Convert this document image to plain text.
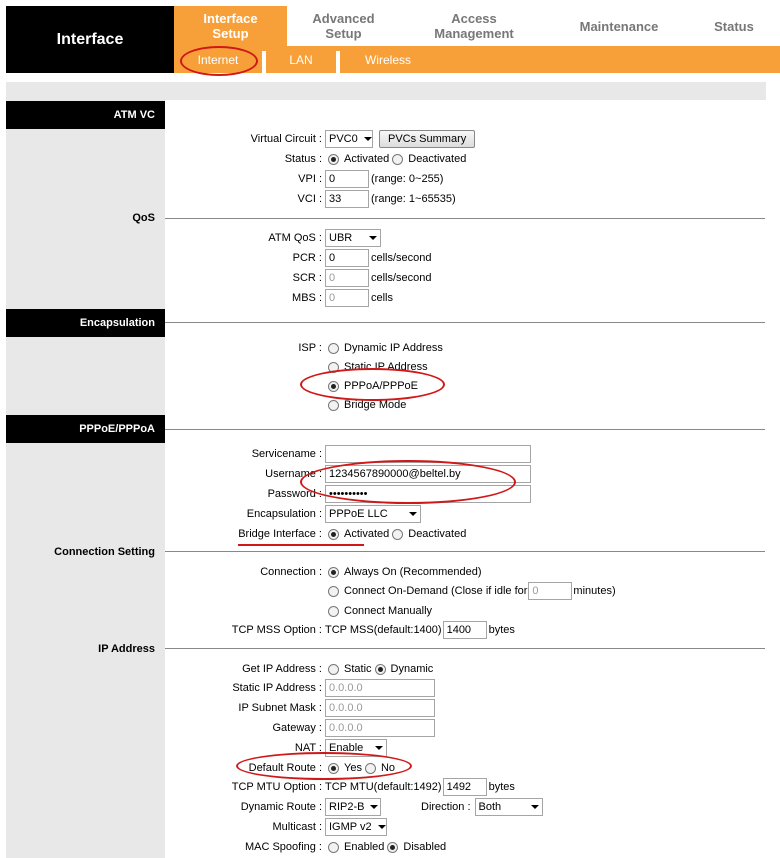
Interface
Interface
Setup
Advanced
Setup
Access
Management	Maintenance	Status
Internet	LAN	Wireless
ATM VC
QoS
Encapsulation
PPPoE/PPPoA
Connection Setting
IP Address
Virtual Circuit : PVC0	PVCs Summary
Status : Activated Deactivated
VPI : 0	(range: 0~255)
VCI : 33	(range: 1~65535)
ATM QoS : UBR
PCR : 0	cells/second
SCR : 0	cells/second
MBS : 0	cells
ISP : Dynamic IP Address
Static IP Address
PPPoA/PPPoE
Bridge Mode
Servicename :
Username : 1234567890000@beltel.by
Password : ••••••••••
Encapsulation : PPPoE LLC
Bridge Interface : Activated Deactivated
Connection : Always On (Recommended)
Connect On-Demand (Close if idle for 0	minutes)
Connect Manually
TCP MSS Option : TCP MSS(default:1400) 1400	bytes
Get IP Address : Static Dynamic
Static IP Address : 0.0.0.0
IP Subnet Mask : 0.0.0.0
Gateway : 0.0.0.0
NAT : Enable
Default Route : Yes No
TCP MTU Option : TCP MTU(default:1492) 1492	bytes
Dynamic Route : RIP2-B	Direction : Both
Multicast : IGMP v2
MAC Spoofing : Enabled Disabled
